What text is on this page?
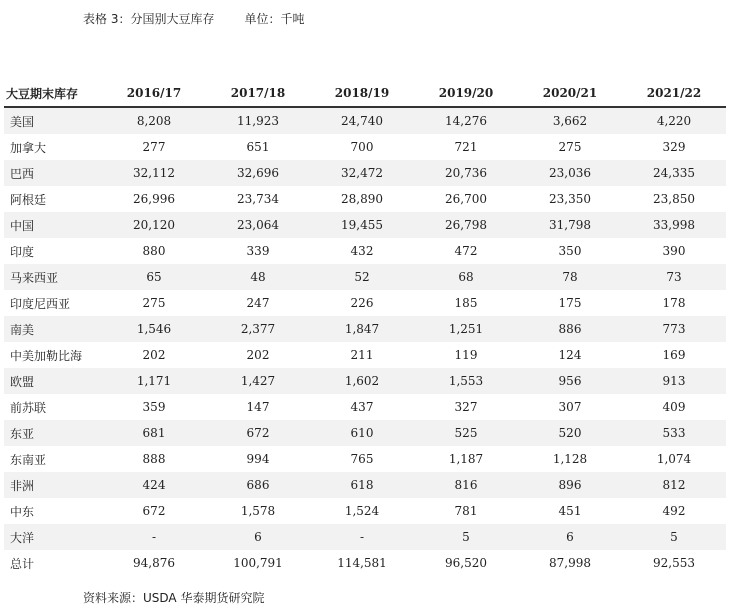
表格 3：分国别大豆库存	单位：千吨
大豆期末库存	2016/17	2017/18	2018/19	2019/20	2020/21	2021/22
美国	8,208	11,923	24,740	14,276	3,662	4,220
加拿大	277	651	700	721	275	329
巴西	32,112	32,696	32,472	20,736	23,036	24,335
阿根廷	26,996	23,734	28,890	26,700	23,350	23,850
中国	20,120	23,064	19,455	26,798	31,798	33,998
印度	880	339	432	472	350	390
马来西亚	65	48	52	68	78	73
印度尼西亚	275	247	226	185	175	178
南美	1,546	2,377	1,847	1,251	886	773
中美加勒比海	202	202	211	119	124	169
欧盟	1,171	1,427	1,602	1,553	956	913
前苏联	359	147	437	327	307	409
东亚	681	672	610	525	520	533
东南亚	888	994	765	1,187	1,128	1,074
非洲	424	686	618	816	896	812
中东	672	1,578	1,524	781	451	492
大洋	-	6	-	5	6	5
总计	94,876	100,791	114,581	96,520	87,998	92,553
资料来源：USDA 华泰期货研究院
